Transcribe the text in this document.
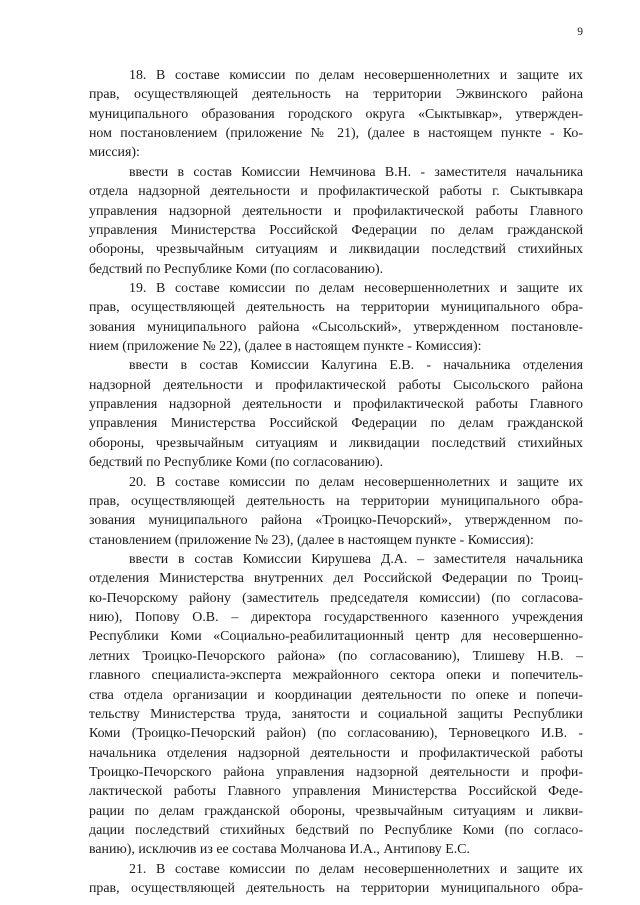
9
18. В составе комиссии по делам несовершеннолетних и защите их
прав, осуществляющей деятельность на территории Эжвинского района
муниципального образования городского округа «Сыктывкар», утвержден-
ном постановлением (приложение № 21), (далее в настоящем пункте - Ко-
миссия):
ввести в состав Комиссии Немчинова В.Н. - заместителя начальника
отдела надзорной деятельности и профилактической работы г. Сыктывкара
управления надзорной деятельности и профилактической работы Главного
управления Министерства Российской Федерации по делам гражданской
обороны, чрезвычайным ситуациям и ликвидации последствий стихийных
бедствий по Республике Коми (по согласованию).
19. В составе комиссии по делам несовершеннолетних и защите их
прав, осуществляющей деятельность на территории муниципального обра-
зования муниципального района «Сысольский», утвержденном постановле-
нием (приложение № 22), (далее в настоящем пункте - Комиссия):
ввести в состав Комиссии Калугина Е.В. - начальника отделения
надзорной деятельности и профилактической работы Сысольского района
управления надзорной деятельности и профилактической работы Главного
управления Министерства Российской Федерации по делам гражданской
обороны, чрезвычайным ситуациям и ликвидации последствий стихийных
бедствий по Республике Коми (по согласованию).
20. В составе комиссии по делам несовершеннолетних и защите их
прав, осуществляющей деятельность на территории муниципального обра-
зования муниципального района «Троицко-Печорский», утвержденном по-
становлением (приложение № 23), (далее в настоящем пункте - Комиссия):
ввести в состав Комиссии Кирушева Д.А. – заместителя начальника
отделения Министерства внутренних дел Российской Федерации по Троиц-
ко-Печорскому району (заместитель председателя комиссии) (по согласова-
нию), Попову О.В. – директора государственного казенного учреждения
Республики Коми «Социально-реабилитационный центр для несовершенно-
летних Троицко-Печорского района» (по согласованию), Тлишеву Н.В. –
главного специалиста-эксперта межрайонного сектора опеки и попечитель-
ства отдела организации и координации деятельности по опеке и попечи-
тельству Министерства труда, занятости и социальной защиты Республики
Коми (Троицко-Печорский район) (по согласованию), Терновецкого И.В. -
начальника отделения надзорной деятельности и профилактической работы
Троицко-Печорского района управления надзорной деятельности и профи-
лактической работы Главного управления Министерства Российской Феде-
рации по делам гражданской обороны, чрезвычайным ситуациям и ликви-
дации последствий стихийных бедствий по Республике Коми (по согласо-
ванию), исключив из ее состава Молчанова И.А., Антипову Е.С.
21. В составе комиссии по делам несовершеннолетних и защите их
прав, осуществляющей деятельность на территории муниципального обра-
